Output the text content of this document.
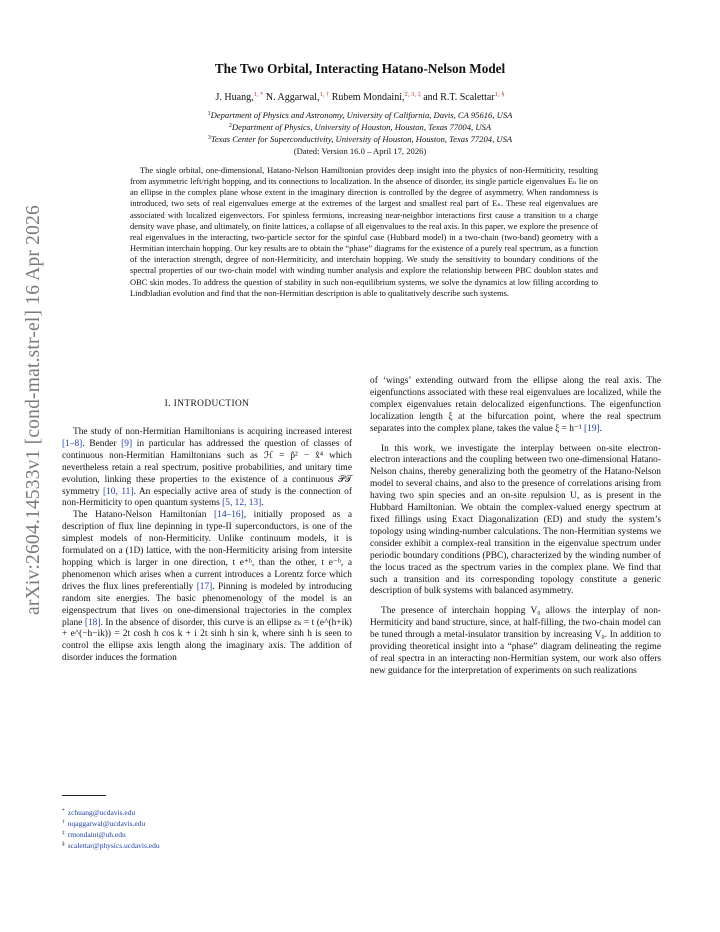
arXiv:2604.14533v1 [cond-mat.str-el] 16 Apr 2026
The Two Orbital, Interacting Hatano-Nelson Model
J. Huang,$^{1, *}$ N. Aggarwal,$^{1, \dagger}$ Rubem Mondaini,$^{2, 3, \ddagger}$ and R.T. Scalettar$^{1, \S}$
$^1$Department of Physics and Astronomy, University of California, Davis, CA 95616, USA
$^2$Department of Physics, University of Houston, Houston, Texas 77004, USA
$^3$Texas Center for Superconductivity, University of Houston, Houston, Texas 77204, USA
(Dated: Version 16.0 – April 17, 2026)
The single orbital, one-dimensional, Hatano-Nelson Hamiltonian provides deep insight into the physics of non-Hermiticity, resulting from asymmetric left/right hopping, and its connections to localization. In the absence of disorder, its single particle eigenvalues Eₙ lie on an ellipse in the complex plane whose extent in the imaginary direction is controlled by the degree of asymmetry. When randomness is introduced, two sets of real eigenvalues emerge at the extremes of the largest and smallest real part of Eₙ. These real eigenvalues are associated with localized eigenvectors. For spinless fermions, increasing near-neighbor interactions first cause a transition to a charge density wave phase, and ultimately, on finite lattices, a collapse of all eigenvalues to the real axis. In this paper, we explore the presence of real eigenvalues in the interacting, two-particle sector for the spinful case (Hubbard model) in a two-chain (two-band) geometry with a Hermitian interchain hopping. Our key results are to obtain the “phase” diagrams for the existence of a purely real spectrum, as a function of the interaction strength, degree of non-Hermiticity, and interchain hopping. We study the sensitivity to boundary conditions of the spectral properties of our two-chain model with winding number analysis and explore the relationship between PBC doublon states and OBC skin modes. To address the question of stability in such non-equilibrium systems, we solve the dynamics at low filling according to Lindbladian evolution and find that the non-Hermitian description is able to qualitatively describe such systems.
I. INTRODUCTION

The study of non-Hermitian Hamiltonians is acquiring increased interest [1–8]. Bender [9] in particular has addressed the question of classes of continuous non-Hermitian Hamiltonians such as ℋ = p̂² − x̂⁴ which nevertheless retain a real spectrum, positive probabilities, and unitary time evolution, linking these properties to the existence of a continuous 𝒫𝒯 symmetry [10, 11]. An especially active area of study is the connection of non-Hermiticity to open quantum systems [5, 12, 13].

The Hatano-Nelson Hamiltonian [14–16], initially proposed as a description of flux line depinning in type-II superconductors, is one of the simplest models of non-Hermiticity. Unlike continuum models, it is formulated on a (1D) lattice, with the non-Hermiticity arising from intersite hopping which is larger in one direction, t e⁺ʰ, than the other, t e⁻ʰ, a phenomenon which arises when a current introduces a Lorentz force which drives the flux lines preferentially [17]. Pinning is modeled by introducing random site energies. The basic phenomenology of the model is an eigenspectrum that lives on one-dimensional trajectories in the complex plane [18]. In the absence of disorder, this curve is an ellipse εₖ = t (e^(h+ik) + e^(−h−ik)) = 2t cosh h cos k + i 2t sinh h sin k, where sinh h is seen to control the ellipse axis length along the imaginary axis. The addition of disorder induces the formation

of ‘wings’ extending outward from the ellipse along the real axis. The eigenfunctions associated with these real eigenvalues are localized, while the complex eigenvalues retain delocalized eigenfunctions. The eigenfunction localization length ξ at the bifurcation point, where the real spectrum separates into the complex plane, takes the value ξ = h⁻¹ [19].

In this work, we investigate the interplay between on-site electron-electron interactions and the coupling between two one-dimensional Hatano-Nelson chains, thereby generalizing both the geometry of the Hatano-Nelson model to several chains, and also to the presence of correlations arising from having two spin species and an on-site repulsion U, as is present in the Hubbard Hamiltonian. We obtain the complex-valued energy spectrum at fixed fillings using Exact Diagonalization (ED) and study the system’s topology using winding-number calculations. The non-Hermitian systems we consider exhibit a complex-real transition in the eigenvalue spectrum under periodic boundary conditions (PBC), characterized by the winding number of the locus traced as the spectrum varies in the complex plane. We find that such a transition and its corresponding topology constitute a generic description of bulk systems with balanced asymmetry.

The presence of interchain hopping V₀ allows the interplay of non-Hermiticity and band structure, since, at half-filling, the two-chain model can be tuned through a metal-insulator transition by increasing V₀. In addition to providing theoretical insight into a “phase” diagram delineating the regime of real spectra in an interacting non-Hermitian system, our work also offers new guidance for the interpretation of experiments on such realizations

* zchuang@ucdavis.edu
† nqaggarwal@ucdavis.edu
‡ rmondaini@uh.edu
§ scalettar@physics.ucdavis.edu
